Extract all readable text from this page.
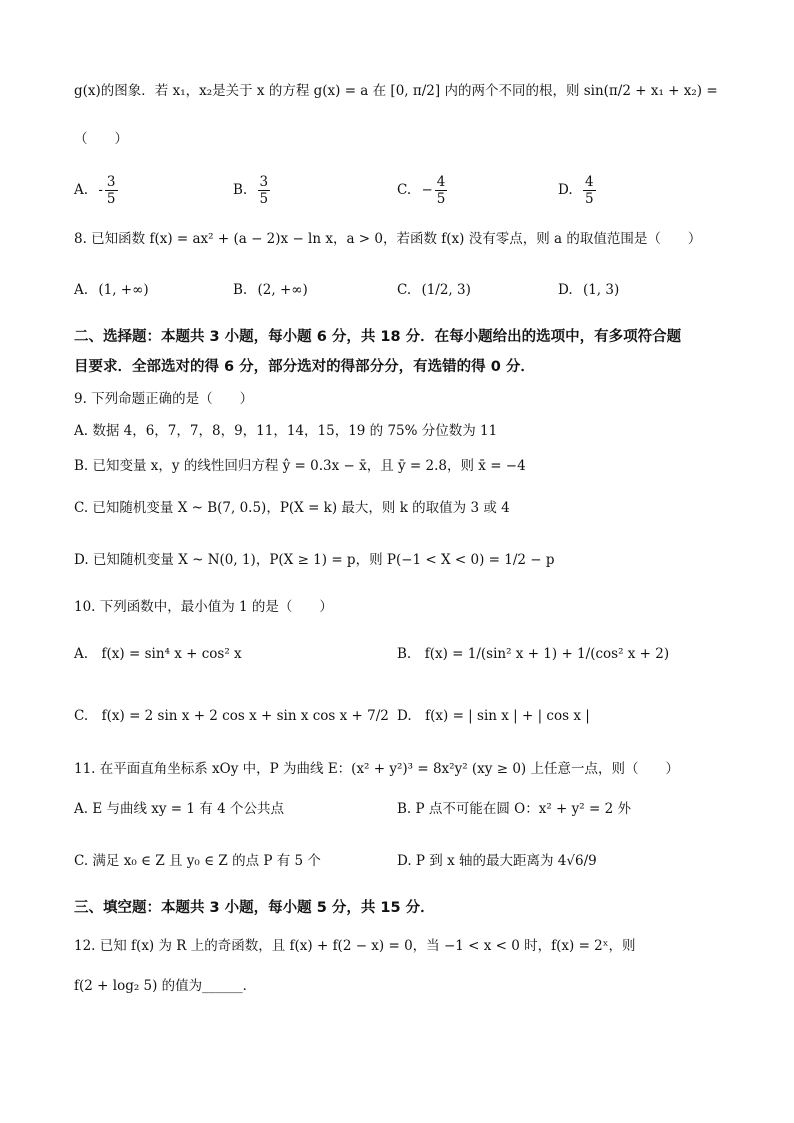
g(x)的图象．若 x₁，x₂是关于 x 的方程 g(x) = a 在 [0, π/2] 内的两个不同的根，则 sin(π/2 + x₁ + x₂) =
（　　）
A. - $\frac{3}{5}$	B. $\frac{3}{5}$	C. − $\frac{4}{5}$	D. $\frac{4}{5}$
8. 已知函数 f(x) = ax² + (a − 2)x − ln x，a > 0，若函数 f(x) 没有零点，则 a 的取值范围是（　　）
A. (1, +∞)	B. (2, +∞)	C. (1/2, 3)	D. (1, 3)
二、选择题：本题共 3 小题，每小题 6 分，共 18 分．在每小题给出的选项中，有多项符合题
目要求．全部选对的得 6 分，部分选对的得部分分，有选错的得 0 分．
9. 下列命题正确的是（　　）
A. 数据 4，6，7，7，8，9，11，14，15，19 的 75% 分位数为 11
B. 已知变量 x，y 的线性回归方程 ŷ = 0.3x − x̄，且 ȳ = 2.8，则 x̄ = −4
C. 已知随机变量 X ~ B(7, 0.5)，P(X = k) 最大，则 k 的取值为 3 或 4
D. 已知随机变量 X ~ N(0, 1)，P(X ≥ 1) = p，则 P(−1 < X < 0) = 1/2 − p
10. 下列函数中，最小值为 1 的是（　　）
A.　f(x) = sin⁴ x + cos² x	B.　f(x) = 1/(sin² x + 1) + 1/(cos² x + 2)
C.　f(x) = 2 sin x + 2 cos x + sin x cos x + 7/2 D.　f(x) = | sin x | + | cos x |
11. 在平面直角坐标系 xOy 中，P 为曲线 E：(x² + y²)³ = 8x²y² (xy ≥ 0) 上任意一点，则（　　）
A. E 与曲线 xy = 1 有 4 个公共点	B. P 点不可能在圆 O：x² + y² = 2 外
C. 满足 x₀ ∈ Z 且 y₀ ∈ Z 的点 P 有 5 个	D. P 到 x 轴的最大距离为 4√6/9
三、填空题：本题共 3 小题，每小题 5 分，共 15 分．
12. 已知 f(x) 为 R 上的奇函数，且 f(x) + f(2 − x) = 0，当 −1 < x < 0 时，f(x) = 2ˣ，则
f(2 + log₂ 5) 的值为______．
